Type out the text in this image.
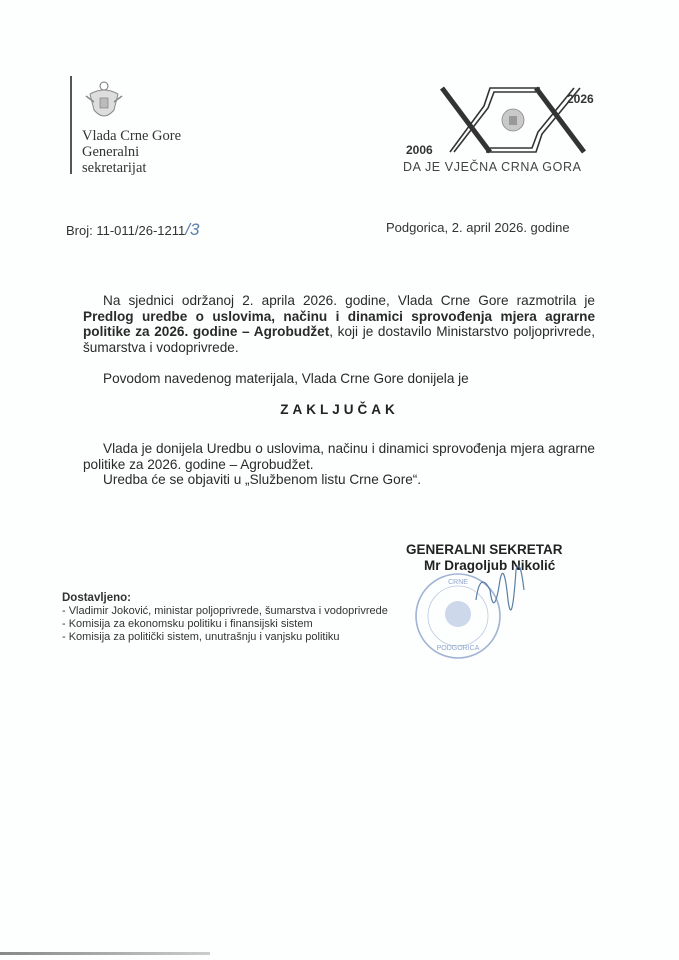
Vlada Crne Gore
Generalni
sekretarijat
2026
2006
DA JE VJEČNA CRNA GORA
Broj: 11-011/26-1211/3	Podgorica, 2. april 2026. godine
Na sjednici održanoj 2. aprila 2026. godine, Vlada Crne Gore razmotrila je Predlog uredbe o uslovima, načinu i dinamici sprovođenja mjera agrarne politike za 2026. godine – Agrobudžet, koji je dostavilo Ministarstvo poljoprivrede, šumarstva i vodoprivrede.
Povodom navedenog materijala, Vlada Crne Gore donijela je
ZAKLJUČAK
Vlada je donijela Uredbu o uslovima, načinu i dinamici sprovođenja mjera agrarne politike za 2026. godine – Agrobudžet.
Uredba će se objaviti u „Službenom listu Crne Gore“.
GENERALNI SEKRETAR
Mr Dragoljub Nikolić
PODGORICA
CRNE
Dostavljeno:
- Vladimir Joković, ministar poljoprivrede, šumarstva i vodoprivrede
- Komisija za ekonomsku politiku i finansijski sistem
- Komisija za politički sistem, unutrašnju i vanjsku politiku
